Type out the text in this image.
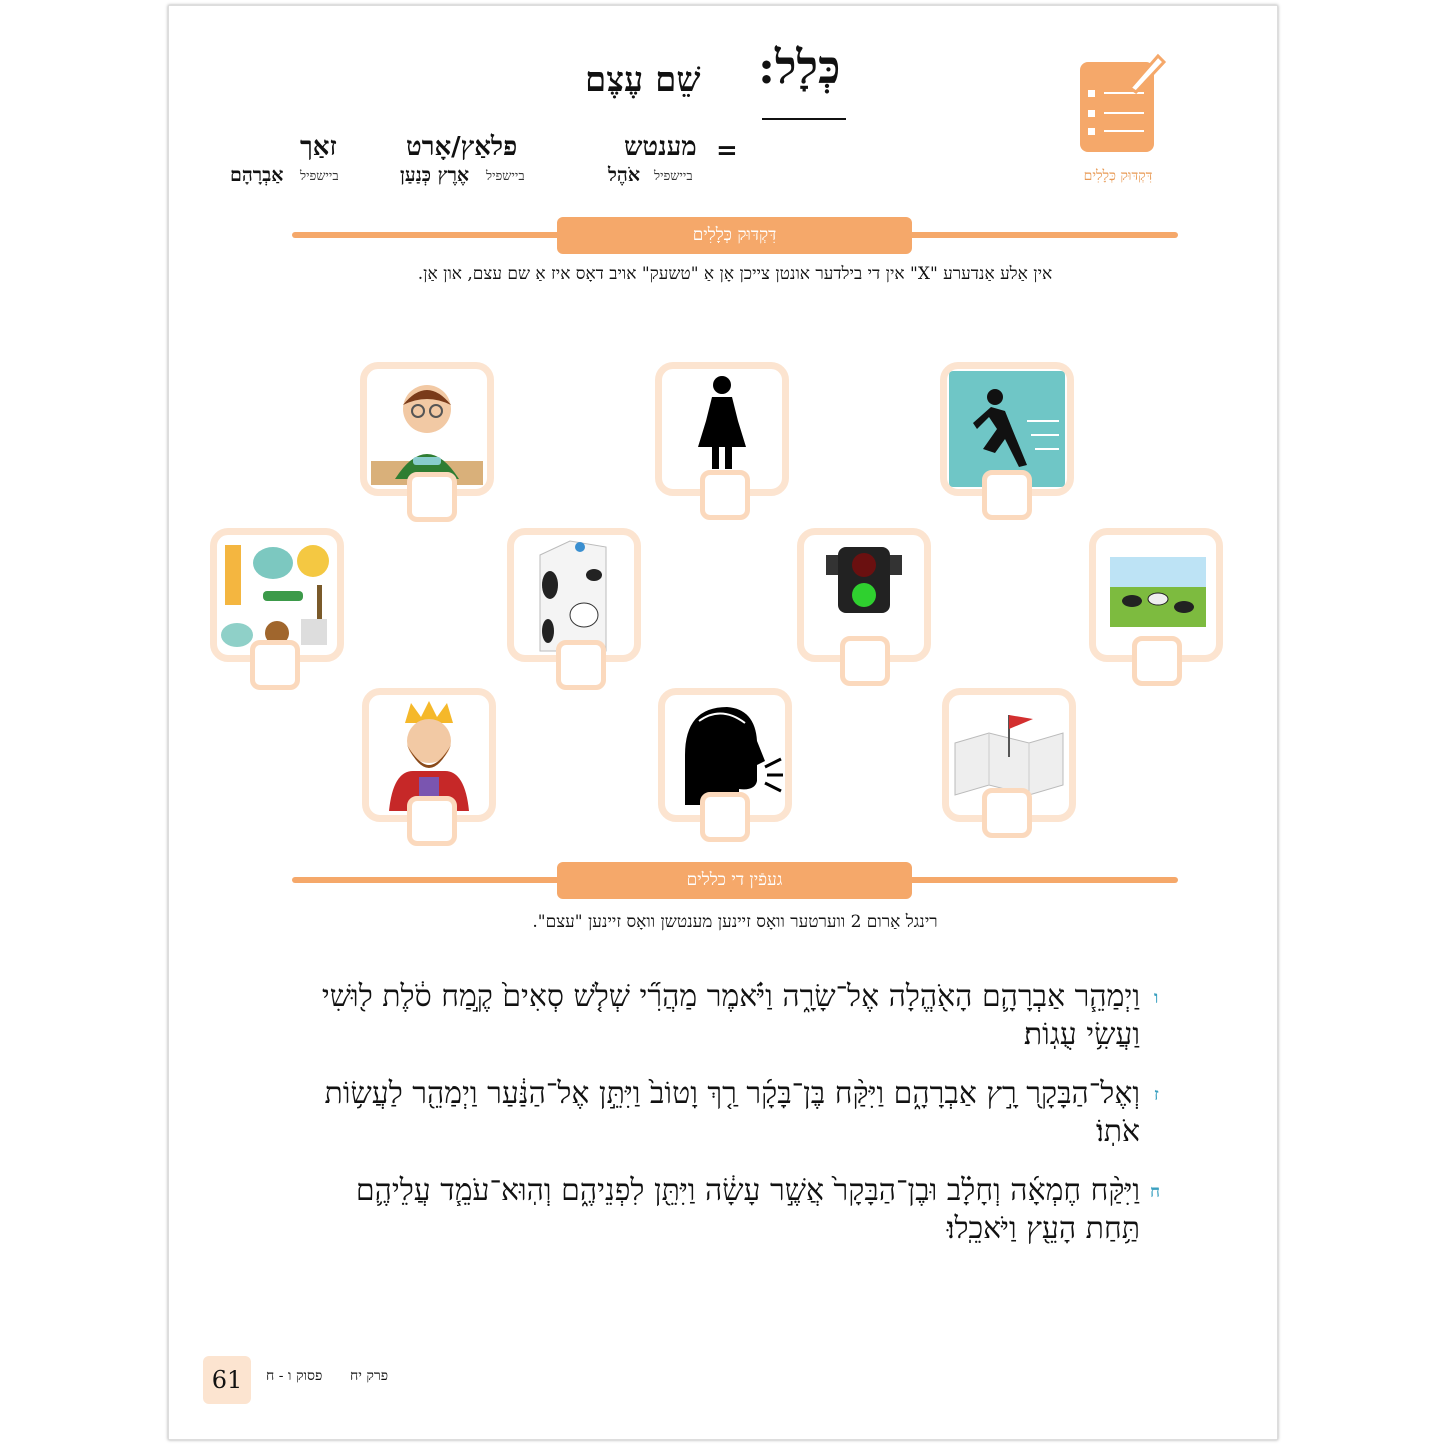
כְּלָל:
שֵׁם עֶצֶם
=
מענטש
פלאַץ/אָרט
זאַך
ביישפיל
אֹהֶל
ביישפיל
אֶרֶץ כְּנַעַן
ביישפיל
אַבְרָהָם	דִּקְדּוּק כְּלָלִים
דִּקְדּוּק כְּלָלִים
אין אַלע אַנדערע "X" אין די בילדער אונטן צייכן אָן אַ "טשעק" אויב דאָס איז אַ שם עצם, און אַן.
געפֿין די כללים
רינגל אַרום 2 ווערטער וואָס זיינען מענטשן וואָס זיינען "עצם".
ו
וַיְמַהֵ֧ר אַבְרָהָ֛ם הָאֹ֖הֱלָה אֶל־שָׂרָ֑ה וַיֹּ֗אמֶר מַהֲרִ֞י שְׁלֹ֤שׁ סְאִים֙ קֶ֣מַח סֹ֔לֶת ל֖וּשִׁי וַעֲשִׂ֥י עֻגֽוֹת׃
ז
וְאֶל־הַבָּקָ֖ר רָ֣ץ אַבְרָהָ֑ם וַיִּקַּ֨ח בֶּן־בָּקָ֜ר רַ֤ךְ וָטוֹב֙ וַיִּתֵּ֣ן אֶל־הַנַּ֔עַר וַיְמַהֵ֖ר לַעֲשׂ֥וֹת אֹתֽוֹ׃
ח
וַיִּקַּ֨ח חֶמְאָ֜ה וְחָלָ֗ב וּבֶן־הַבָּקָר֙ אֲשֶׁ֣ר עָשָׂ֔ה וַיִּתֵּ֖ן לִפְנֵיהֶ֑ם וְהֽוּא־עֹמֵ֧ד עֲלֵיהֶ֛ם תַּ֥חַת הָעֵ֖ץ וַיֹּאכֵֽלוּ׃
61	פסוק ו - ח פרק יח
